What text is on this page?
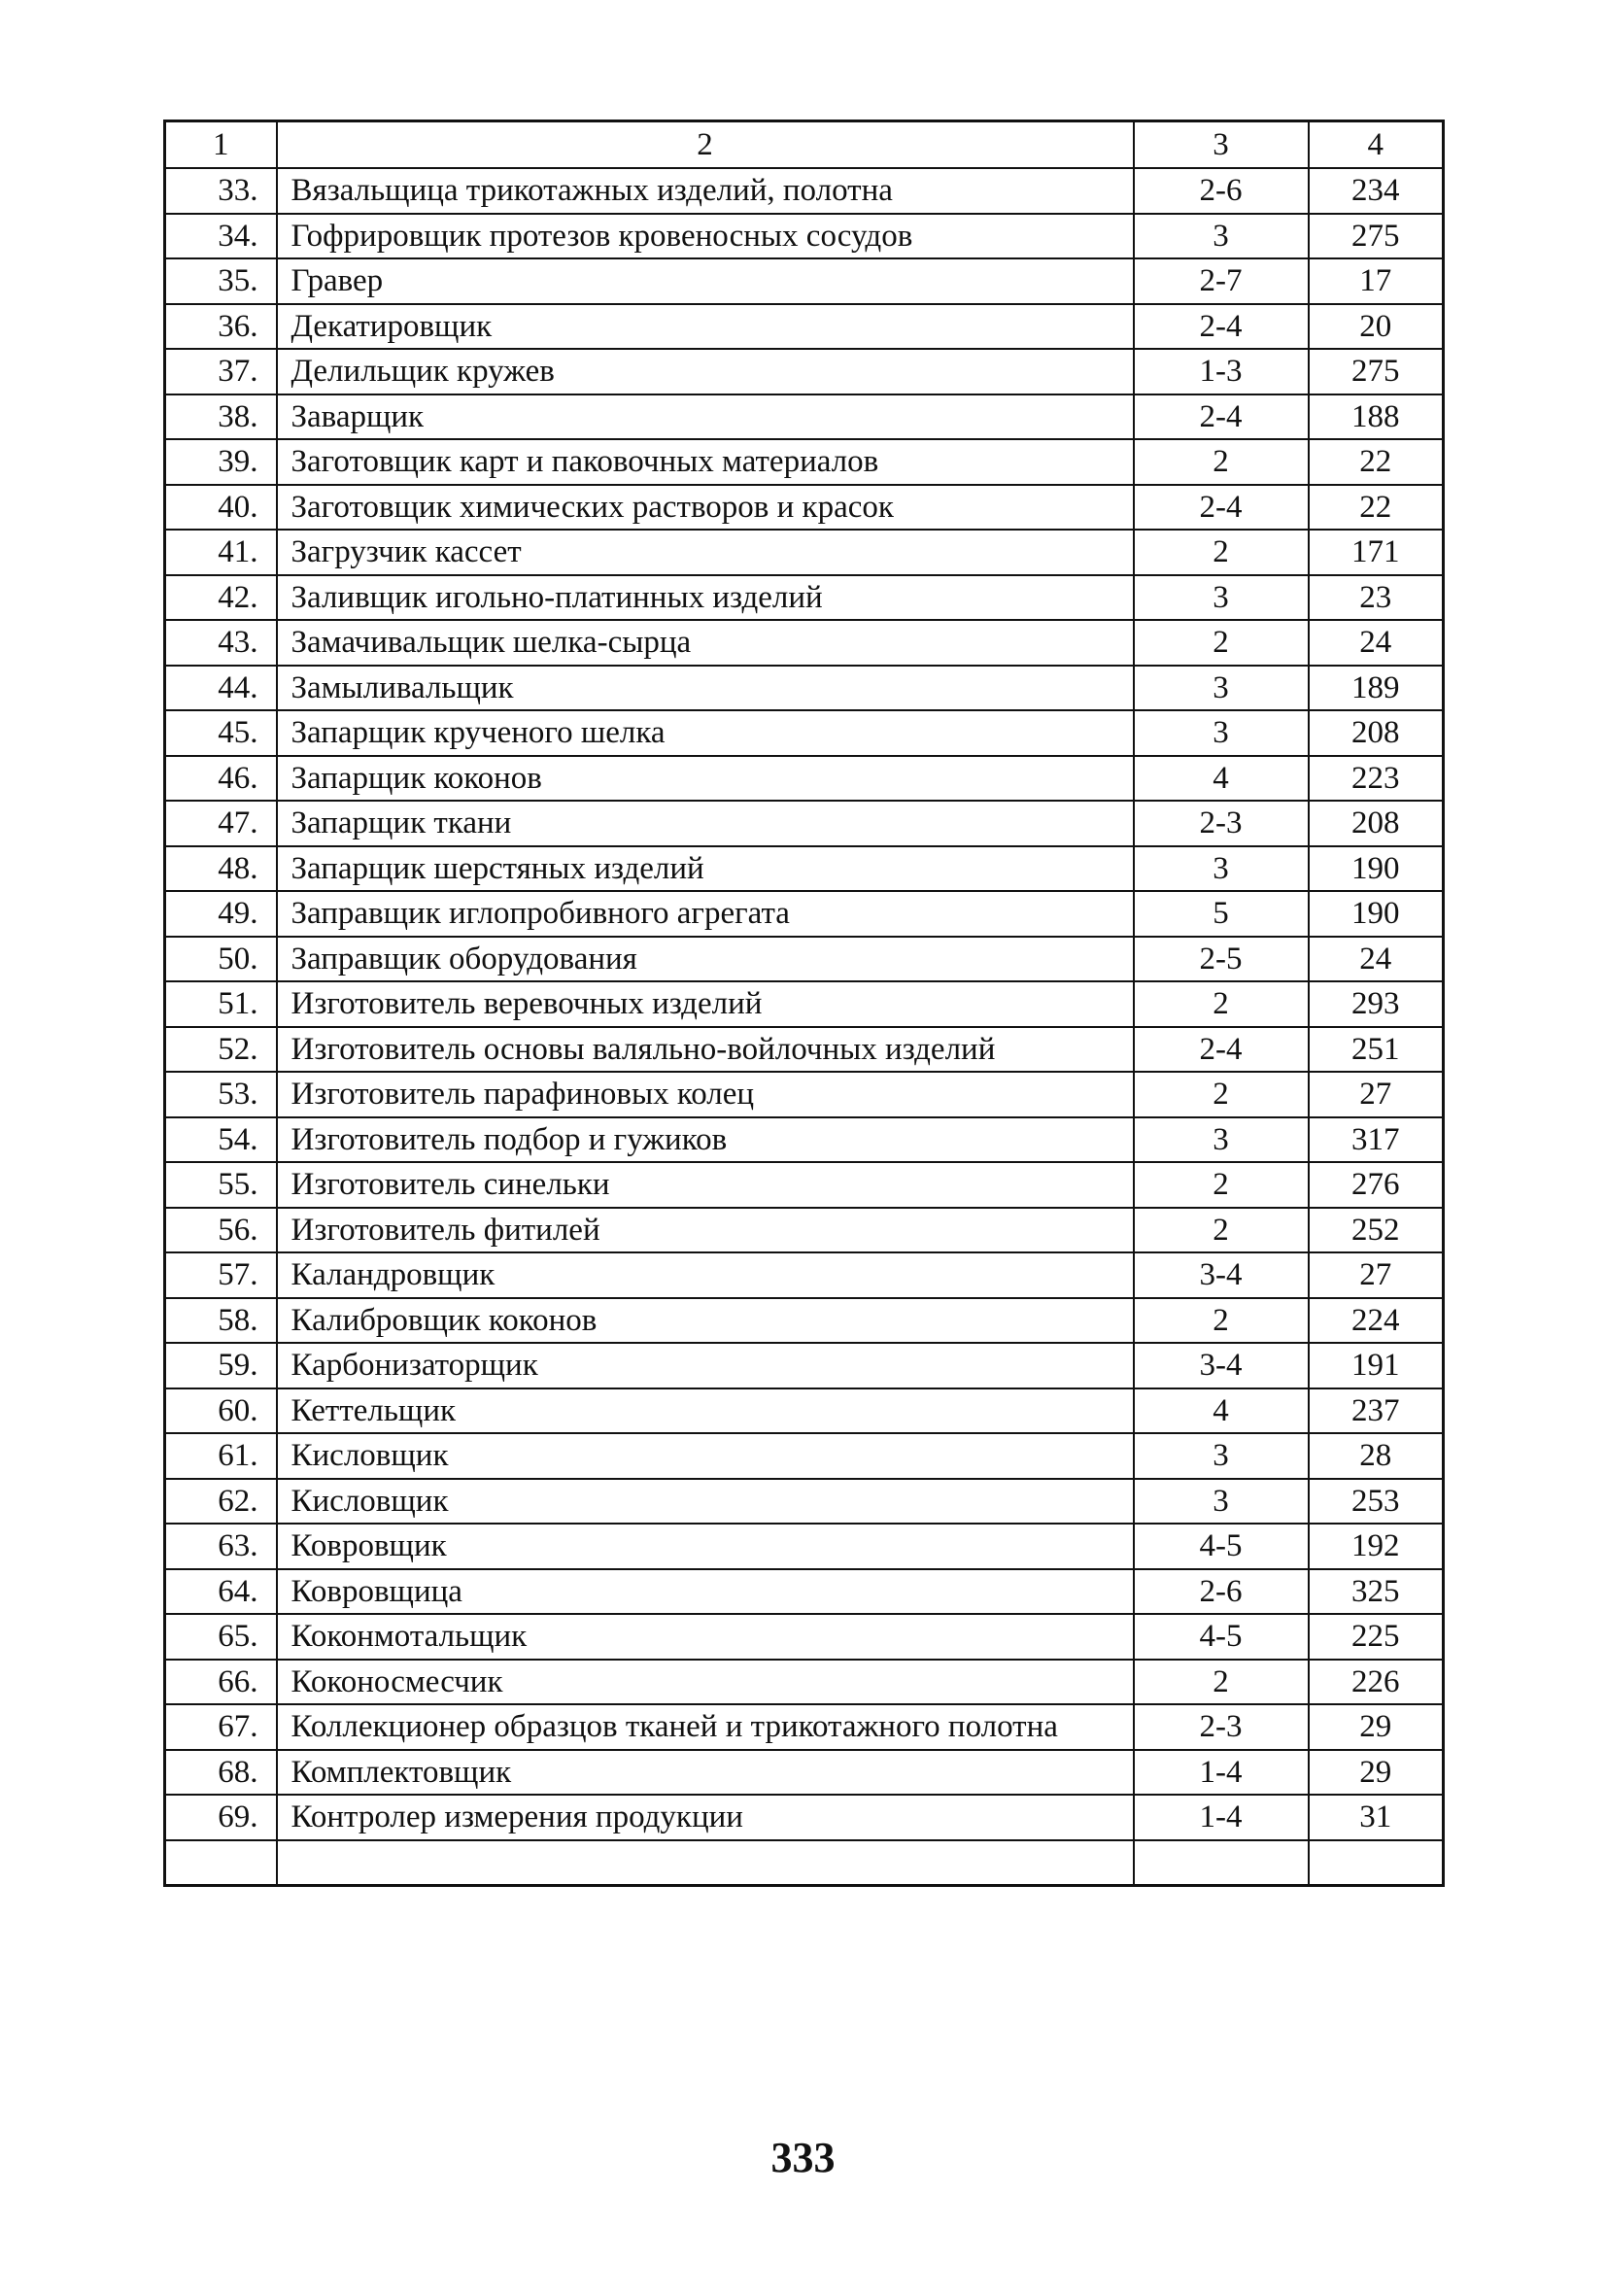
1	2	3	4
33.	Вязальщица трикотажных изделий, полотна	2-6	234
34.	Гофрировщик протезов кровеносных сосудов	3	275
35.	Гравер	2-7	17
36.	Декатировщик	2-4	20
37.	Делильщик кружев	1-3	275
38.	Заварщик	2-4	188
39.	Заготовщик карт и паковочных материалов	2	22
40.	Заготовщик химических растворов и красок	2-4	22
41.	Загрузчик кассет	2	171
42.	Заливщик игольно-платинных изделий	3	23
43.	Замачивальщик шелка-сырца	2	24
44.	Замыливальщик	3	189
45.	Запарщик крученого шелка	3	208
46.	Запарщик коконов	4	223
47.	Запарщик ткани	2-3	208
48.	Запарщик шерстяных изделий	3	190
49.	Заправщик иглопробивного агрегата	5	190
50.	Заправщик оборудования	2-5	24
51.	Изготовитель веревочных изделий	2	293
52.	Изготовитель основы валяльно-войлочных изделий	2-4	251
53.	Изготовитель парафиновых колец	2	27
54.	Изготовитель подбор и гужиков	3	317
55.	Изготовитель синельки	2	276
56.	Изготовитель фитилей	2	252
57.	Каландровщик	3-4	27
58.	Калибровщик коконов	2	224
59.	Карбонизаторщик	3-4	191
60.	Кеттельщик	4	237
61.	Кисловщик	3	28
62.	Кисловщик	3	253
63.	Ковровщик	4-5	192
64.	Ковровщица	2-6	325
65.	Коконмотальщик	4-5	225
66.	Коконосмесчик	2	226
67.	Коллекционер образцов тканей и трикотажного полотна	2-3	29
68.	Комплектовщик	1-4	29
69.	Контролер измерения продукции	1-4	31

333
